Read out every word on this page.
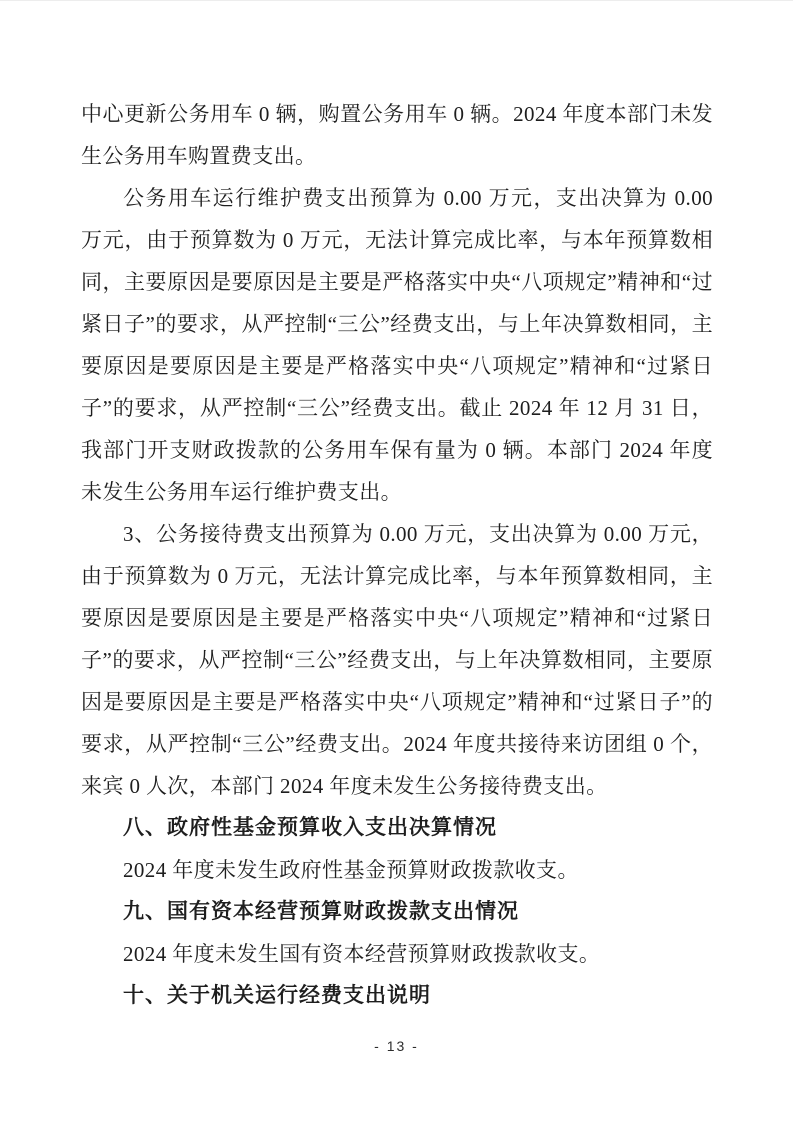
中心更新公务用车 0 辆，购置公务用车 0 辆。2024 年度本部门未发生公务用车购置费支出。

公务用车运行维护费支出预算为 0.00 万元，支出决算为 0.00 万元，由于预算数为 0 万元，无法计算完成比率，与本年预算数相同，主要原因是要原因是主要是严格落实中央“八项规定”精神和“过紧日子”的要求，从严控制“三公”经费支出，与上年决算数相同，主要原因是要原因是主要是严格落实中央“八项规定”精神和“过紧日子”的要求，从严控制“三公”经费支出。截止 2024 年 12 月 31 日，我部门开支财政拨款的公务用车保有量为 0 辆。本部门 2024 年度未发生公务用车运行维护费支出。

3、公务接待费支出预算为 0.00 万元，支出决算为 0.00 万元，由于预算数为 0 万元，无法计算完成比率，与本年预算数相同，主要原因是要原因是主要是严格落实中央“八项规定”精神和“过紧日子”的要求，从严控制“三公”经费支出，与上年决算数相同，主要原因是要原因是主要是严格落实中央“八项规定”精神和“过紧日子”的要求，从严控制“三公”经费支出。2024 年度共接待来访团组 0 个，来宾 0 人次，本部门 2024 年度未发生公务接待费支出。

八、政府性基金预算收入支出决算情况

2024 年度未发生政府性基金预算财政拨款收支。

九、国有资本经营预算财政拨款支出情况

2024 年度未发生国有资本经营预算财政拨款收支。

十、关于机关运行经费支出说明

- 13 -
